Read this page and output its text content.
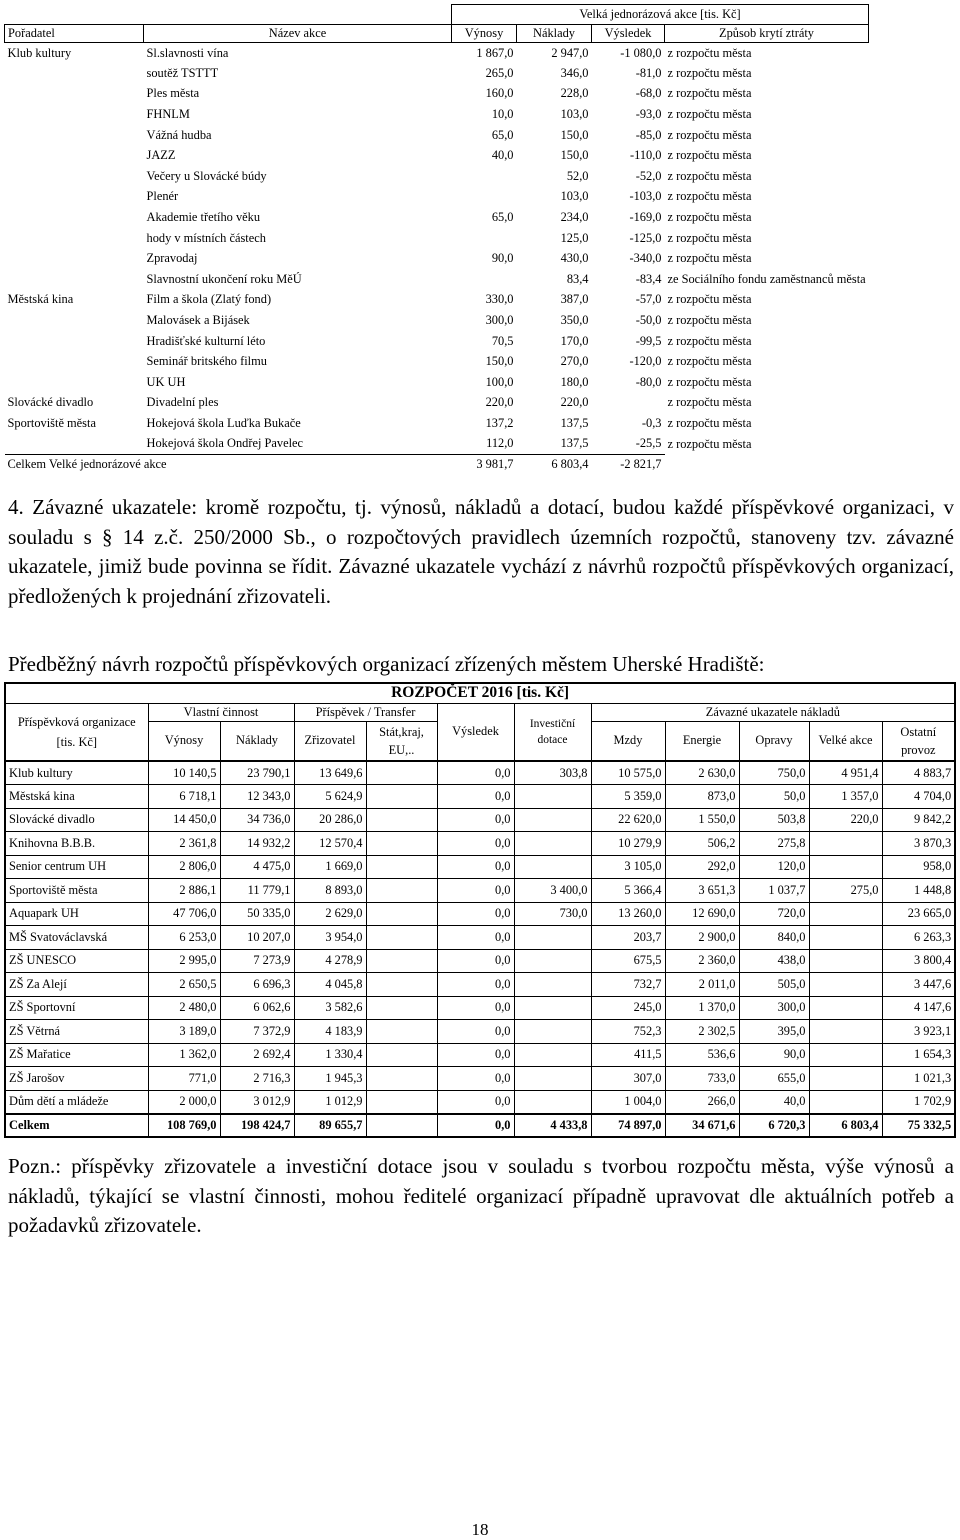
		Velká jednorázová akce [tis. Kč]			
Pořadatel	Název akce	Výnosy	Náklady	Výsledek	Způsob krytí ztráty
Klub kultury	Sl.slavnosti vína	1 867,0	2 947,0	-1 080,0	z rozpočtu města
	soutěž TSTTT	265,0	346,0	-81,0	z rozpočtu města
	Ples města	160,0	228,0	-68,0	z rozpočtu města
	FHNLM	10,0	103,0	-93,0	z rozpočtu města
	Vážná hudba	65,0	150,0	-85,0	z rozpočtu města
	JAZZ	40,0	150,0	-110,0	z rozpočtu města
	Večery u Slovácké búdy		52,0	-52,0	z rozpočtu města
	Plenér		103,0	-103,0	z rozpočtu města
	Akademie třetího věku	65,0	234,0	-169,0	z rozpočtu města
	hody v místních částech		125,0	-125,0	z rozpočtu města
	Zpravodaj	90,0	430,0	-340,0	z rozpočtu města
	Slavnostní ukončení roku MěÚ		83,4	-83,4	ze Sociálního fondu zaměstnanců města
Městská kina	Film a škola (Zlatý fond)	330,0	387,0	-57,0	z rozpočtu města
	Malovásek a Bijásek	300,0	350,0	-50,0	z rozpočtu města
	Hradišťské kulturní léto	70,5	170,0	-99,5	z rozpočtu města
	Seminář britského filmu	150,0	270,0	-120,0	z rozpočtu města
	UK UH	100,0	180,0	-80,0	z rozpočtu města
Slovácké divadlo	Divadelní ples	220,0	220,0		z rozpočtu města
Sportoviště města	Hokejová škola Luďka Bukače	137,2	137,5	-0,3	z rozpočtu města
	Hokejová škola Ondřej Pavelec	112,0	137,5	-25,5	z rozpočtu města
Celkem Velké jednorázové akce		3 981,7	6 803,4	-2 821,7	
4. Závazné ukazatele: kromě rozpočtu, tj. výnosů, nákladů a dotací, budou každé příspěvkové organizaci, v souladu s § 14 z.č. 250/2000 Sb., o rozpočtových pravidlech územních rozpočtů, stanoveny tzv. závazné ukazatele, jimiž bude povinna se řídit. Závazné ukazatele vychází z návrhů rozpočtů příspěvkových organizací, předložených k projednání zřizovateli.
Předběžný návrh rozpočtů příspěvkových organizací zřízených městem Uherské Hradiště:
ROZPOČET 2016 [tis. Kč]											
Příspěvková organizace [tis. Kč]	Vlastní činnost		Příspěvek / Transfer		Výsledek	Investiční dotace	Závazné ukazatele nákladů				
	Výnosy	Náklady	Zřizovatel	Stát,kraj, EU,..			Mzdy	Energie	Opravy	Velké akce	Ostatní provoz
Klub kultury	10 140,5	23 790,1	13 649,6		0,0	303,8	10 575,0	2 630,0	750,0	4 951,4	4 883,7
Městská kina	6 718,1	12 343,0	5 624,9		0,0		5 359,0	873,0	50,0	1 357,0	4 704,0
Slovácké divadlo	14 450,0	34 736,0	20 286,0		0,0		22 620,0	1 550,0	503,8	220,0	9 842,2
Knihovna B.B.B.	2 361,8	14 932,2	12 570,4		0,0		10 279,9	506,2	275,8		3 870,3
Senior centrum UH	2 806,0	4 475,0	1 669,0		0,0		3 105,0	292,0	120,0		958,0
Sportoviště města	2 886,1	11 779,1	8 893,0		0,0	3 400,0	5 366,4	3 651,3	1 037,7	275,0	1 448,8
Aquapark UH	47 706,0	50 335,0	2 629,0		0,0	730,0	13 260,0	12 690,0	720,0		23 665,0
MŠ Svatováclavská	6 253,0	10 207,0	3 954,0		0,0		203,7	2 900,0	840,0		6 263,3
ZŠ UNESCO	2 995,0	7 273,9	4 278,9		0,0		675,5	2 360,0	438,0		3 800,4
ZŠ Za Alejí	2 650,5	6 696,3	4 045,8		0,0		732,7	2 011,0	505,0		3 447,6
ZŠ Sportovní	2 480,0	6 062,6	3 582,6		0,0		245,0	1 370,0	300,0		4 147,6
ZŠ Větrná	3 189,0	7 372,9	4 183,9		0,0		752,3	2 302,5	395,0		3 923,1
ZŠ Mařatice	1 362,0	2 692,4	1 330,4		0,0		411,5	536,6	90,0		1 654,3
ZŠ Jarošov	771,0	2 716,3	1 945,3		0,0		307,0	733,0	655,0		1 021,3
Dům dětí a mládeže	2 000,0	3 012,9	1 012,9		0,0		1 004,0	266,0	40,0		1 702,9
Celkem	108 769,0	198 424,7	89 655,7		0,0	4 433,8	74 897,0	34 671,6	6 720,3	6 803,4	75 332,5
Pozn.: příspěvky zřizovatele a investiční dotace jsou v souladu s tvorbou rozpočtu města, výše výnosů a nákladů, týkající se vlastní činnosti, mohou ředitelé organizací případně upravovat dle aktuálních potřeb a požadavků zřizovatele.
18
